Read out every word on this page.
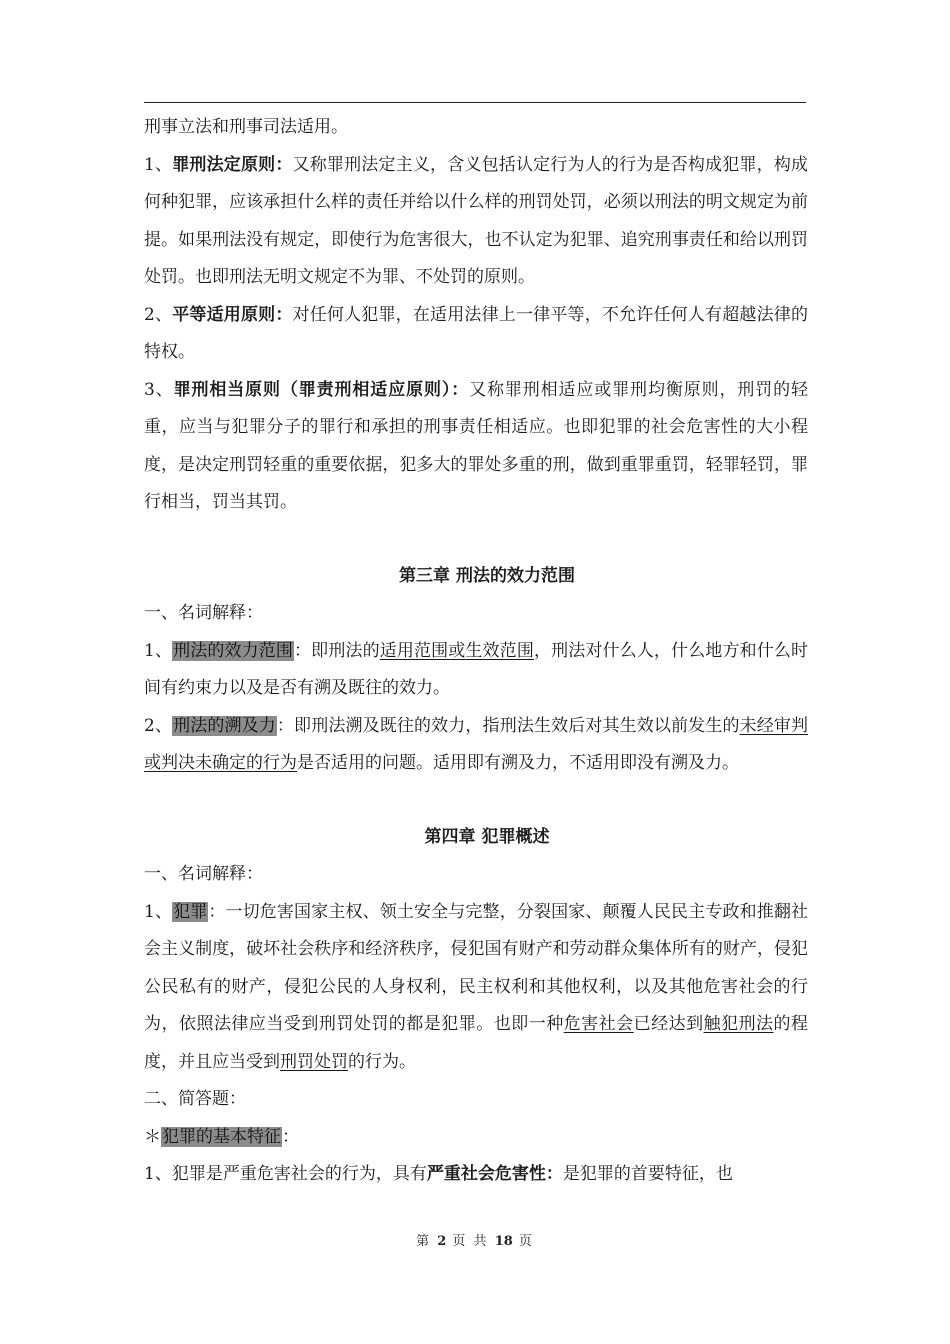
刑事立法和刑事司法适用。

1、罪刑法定原则：又称罪刑法定主义，含义包括认定行为人的行为是否构成犯罪，构成何种犯罪，应该承担什么样的责任并给以什么样的刑罚处罚，必须以刑法的明文规定为前提。如果刑法没有规定，即使行为危害很大，也不认定为犯罪、追究刑事责任和给以刑罚处罚。也即刑法无明文规定不为罪、不处罚的原则。

2、平等适用原则：对任何人犯罪，在适用法律上一律平等，不允许任何人有超越法律的特权。

3、罪刑相当原则（罪责刑相适应原则）：又称罪刑相适应或罪刑均衡原则，刑罚的轻重，应当与犯罪分子的罪行和承担的刑事责任相适应。也即犯罪的社会危害性的大小程度，是决定刑罚轻重的重要依据，犯多大的罪处多重的刑，做到重罪重罚，轻罪轻罚，罪行相当，罚当其罚。

第三章 刑法的效力范围

一、名词解释：

1、刑法的效力范围：即刑法的适用范围或生效范围，刑法对什么人，什么地方和什么时间有约束力以及是否有溯及既往的效力。

2、刑法的溯及力：即刑法溯及既往的效力，指刑法生效后对其生效以前发生的未经审判或判决未确定的行为是否适用的问题。适用即有溯及力，不适用即没有溯及力。

第四章 犯罪概述

一、名词解释：

1、犯罪：一切危害国家主权、领土安全与完整，分裂国家、颠覆人民民主专政和推翻社会主义制度，破坏社会秩序和经济秩序，侵犯国有财产和劳动群众集体所有的财产，侵犯公民私有的财产，侵犯公民的人身权利，民主权利和其他权利，以及其他危害社会的行为，依照法律应当受到刑罚处罚的都是犯罪。也即一种危害社会已经达到触犯刑法的程度，并且应当受到刑罚处罚的行为。

二、简答题：

＊犯罪的基本特征：

1、犯罪是严重危害社会的行为，具有严重社会危害性：是犯罪的首要特征，也

第 2 页 共 18 页
